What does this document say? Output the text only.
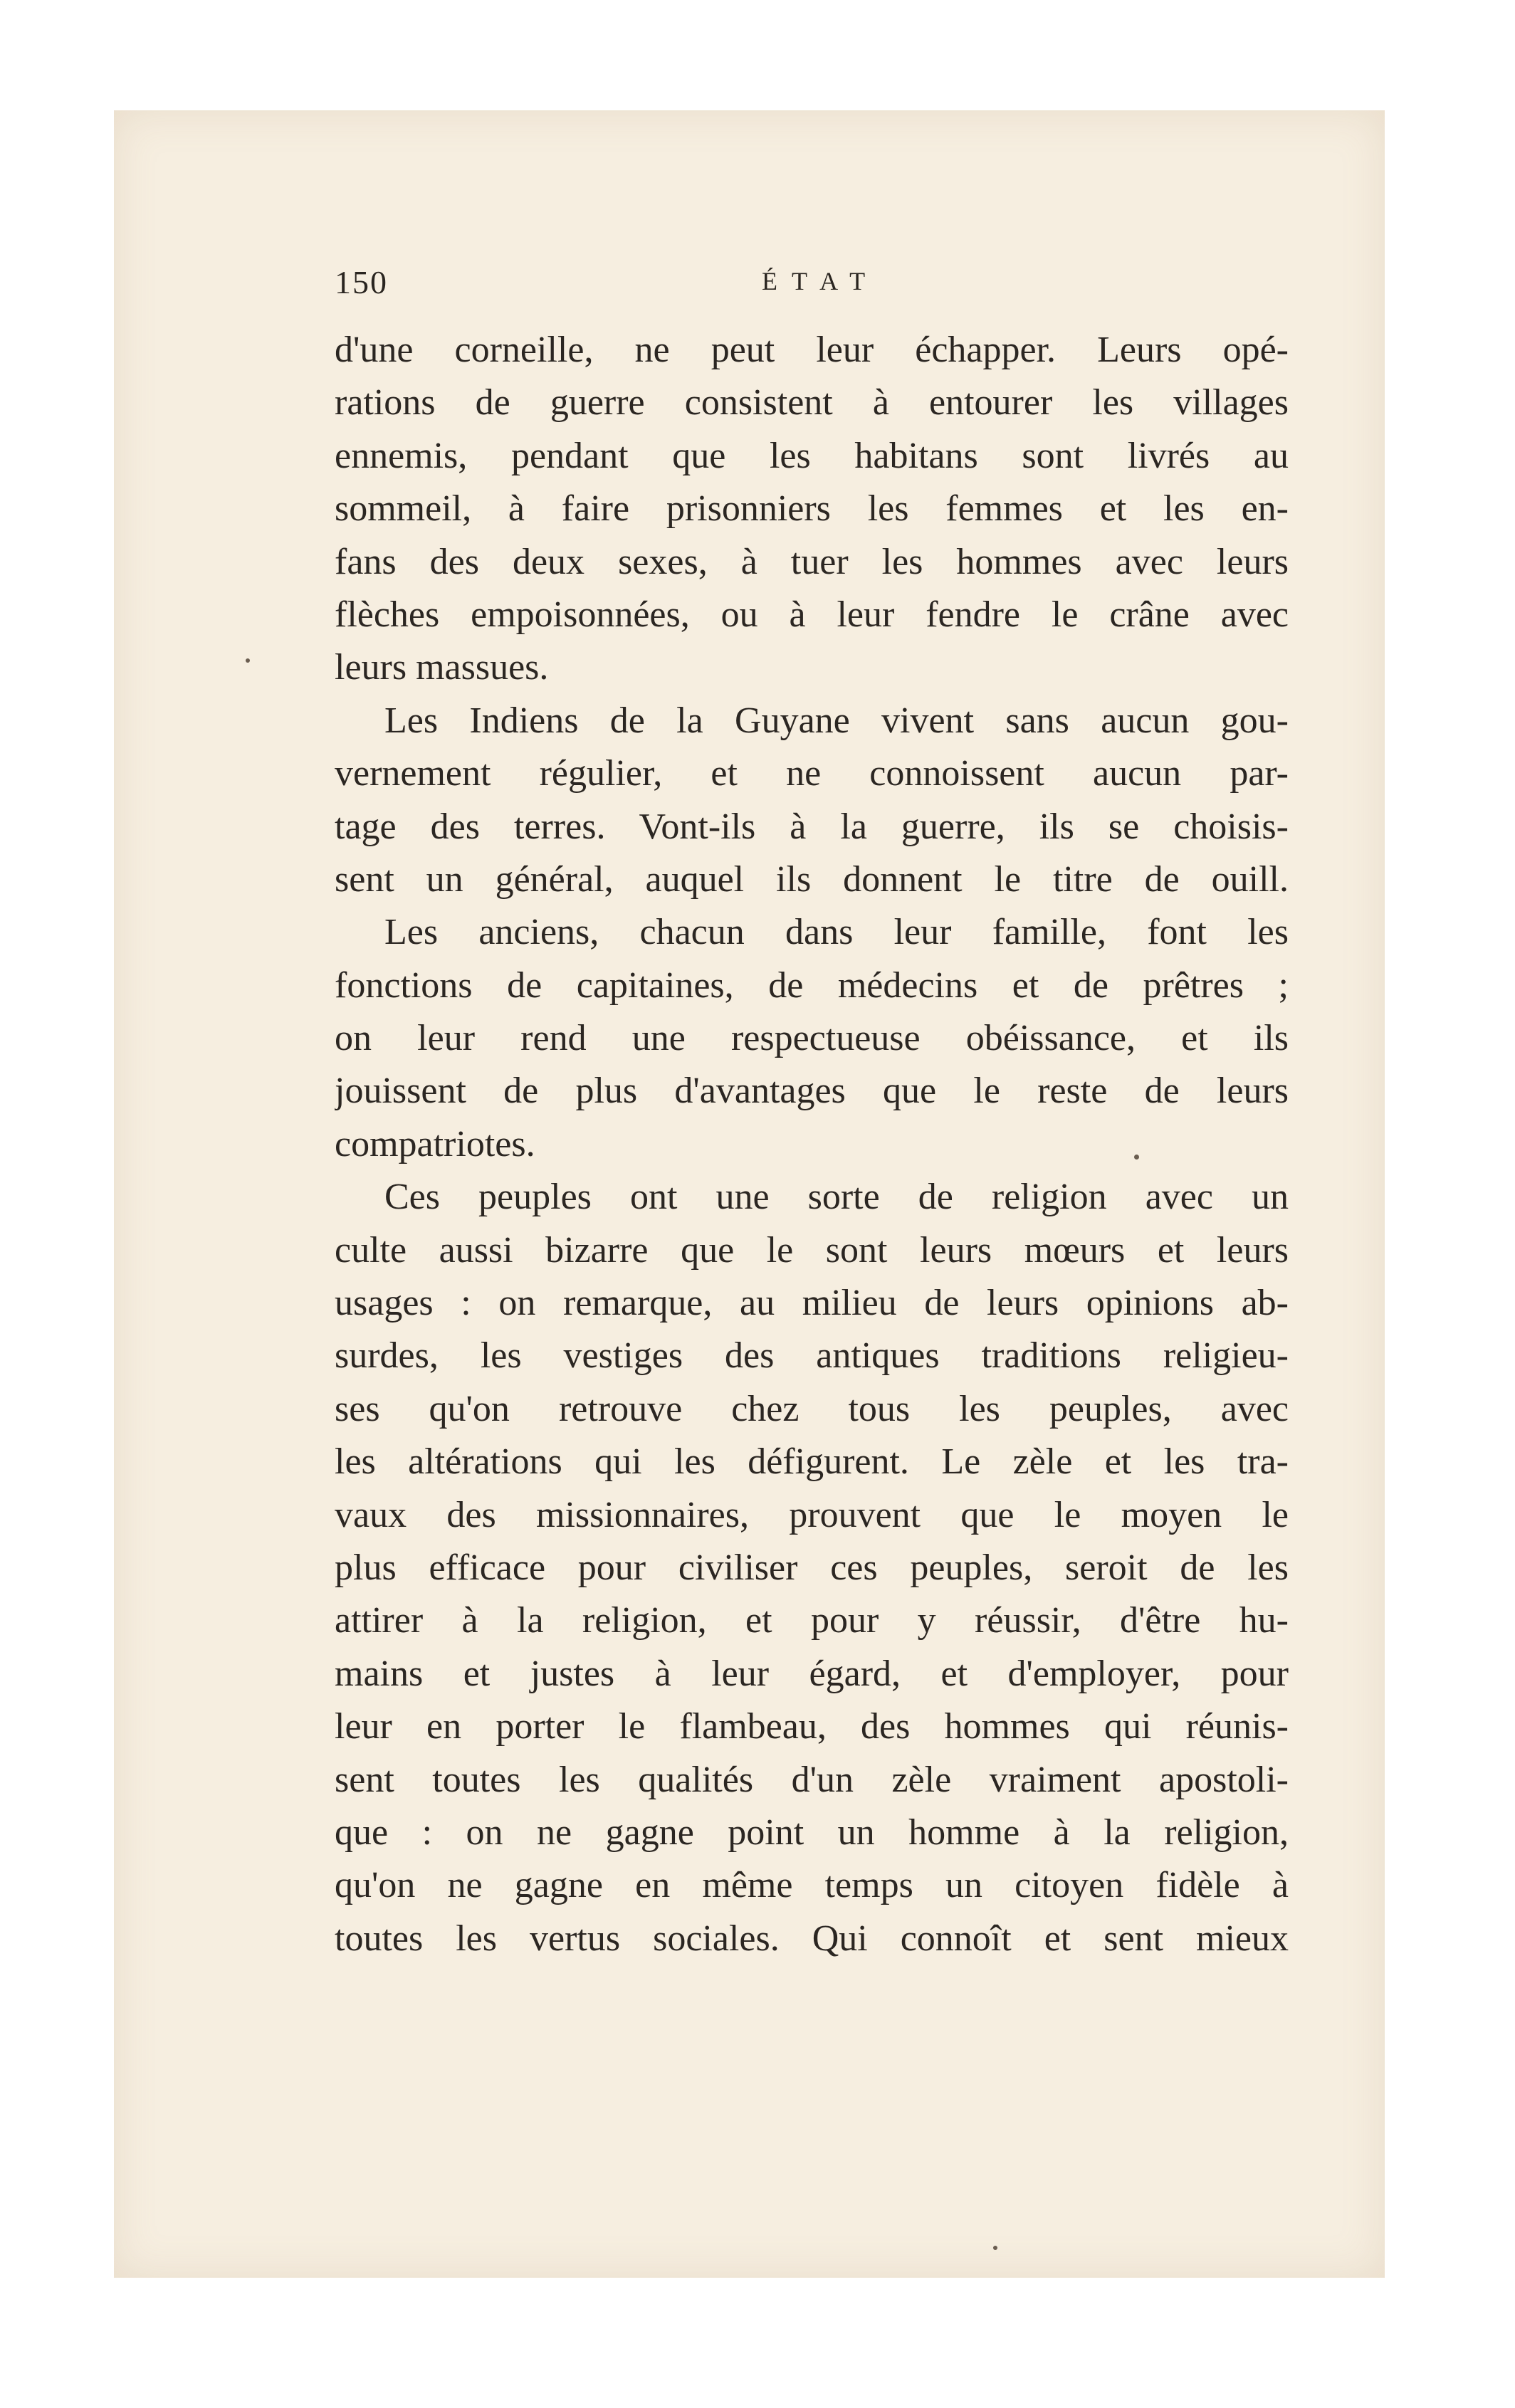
150	ÉTAT
d'une corneille, ne peut leur échapper. Leurs opé-
rations de guerre consistent à entourer les villages
ennemis, pendant que les habitans sont livrés au
sommeil, à faire prisonniers les femmes et les en-
fans des deux sexes, à tuer les hommes avec leurs
flèches empoisonnées, ou à leur fendre le crâne avec
leurs massues.
Les Indiens de la Guyane vivent sans aucun gou-
vernement régulier, et ne connoissent aucun par-
tage des terres. Vont-ils à la guerre, ils se choisis-
sent un général, auquel ils donnent le titre de ouill.
Les anciens, chacun dans leur famille, font les
fonctions de capitaines, de médecins et de prêtres ;
on leur rend une respectueuse obéissance, et ils
jouissent de plus d'avantages que le reste de leurs
compatriotes.
Ces peuples ont une sorte de religion avec un
culte aussi bizarre que le sont leurs mœurs et leurs
usages : on remarque, au milieu de leurs opinions ab-
surdes, les vestiges des antiques traditions religieu-
ses qu'on retrouve chez tous les peuples, avec
les altérations qui les défigurent. Le zèle et les tra-
vaux des missionnaires, prouvent que le moyen le
plus efficace pour civiliser ces peuples, seroit de les
attirer à la religion, et pour y réussir, d'être hu-
mains et justes à leur égard, et d'employer, pour
leur en porter le flambeau, des hommes qui réunis-
sent toutes les qualités d'un zèle vraiment apostoli-
que : on ne gagne point un homme à la religion,
qu'on ne gagne en même temps un citoyen fidèle à
toutes les vertus sociales. Qui connoît et sent mieux
